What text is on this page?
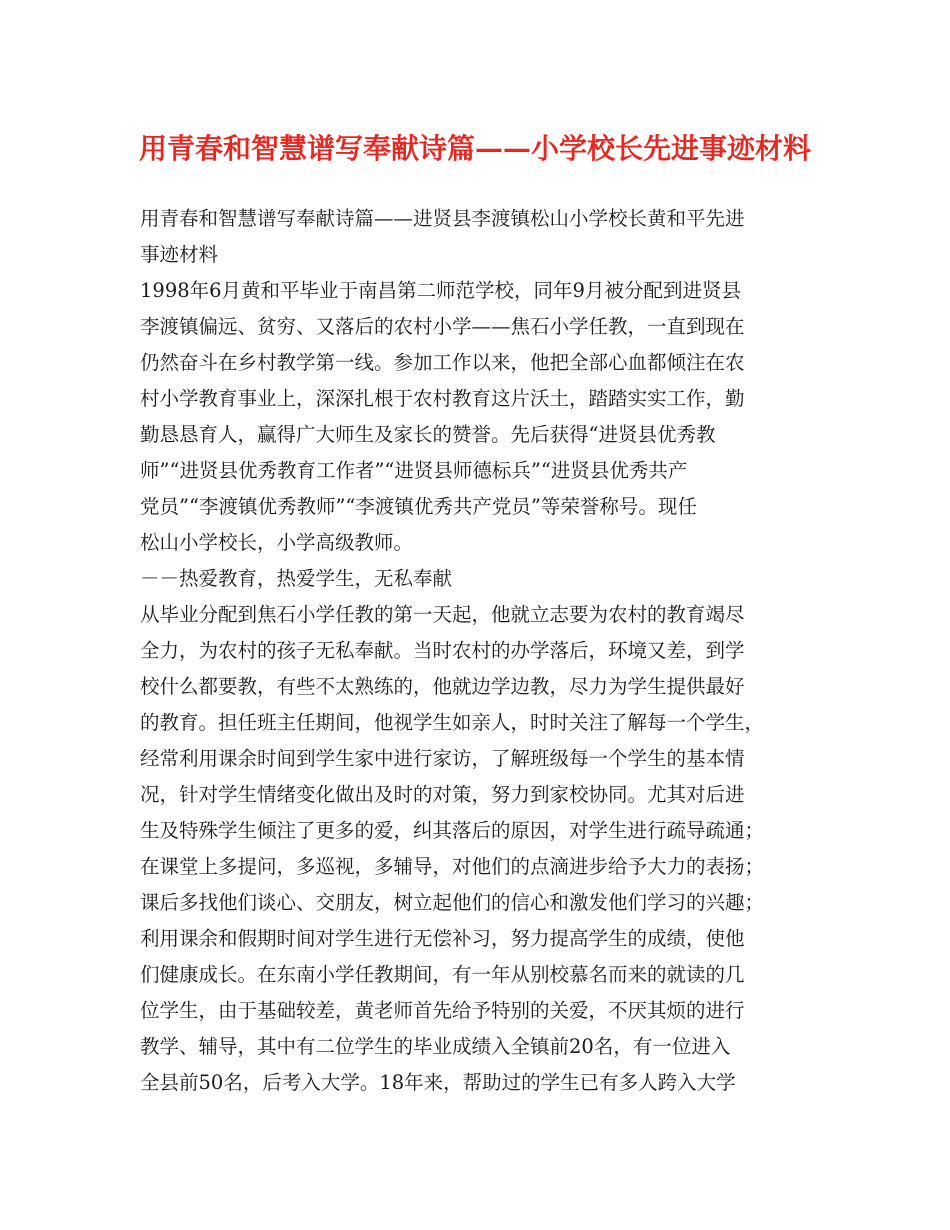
用青春和智慧谱写奉献诗篇——小学校长先进事迹材料
用青春和智慧谱写奉献诗篇——进贤县李渡镇松山小学校长黄和平先进
事迹材料
1998年6月黄和平毕业于南昌第二师范学校，同年9月被分配到进贤县
李渡镇偏远、贫穷、又落后的农村小学——焦石小学任教，一直到现在
仍然奋斗在乡村教学第一线。参加工作以来，他把全部心血都倾注在农
村小学教育事业上，深深扎根于农村教育这片沃土，踏踏实实工作，勤
勤恳恳育人，赢得广大师生及家长的赞誉。先后获得“进贤县优秀教
师”“进贤县优秀教育工作者”“进贤县师德标兵”“进贤县优秀共产
党员”“李渡镇优秀教师”“李渡镇优秀共产党员”等荣誉称号。现任
松山小学校长，小学高级教师。
－－热爱教育，热爱学生，无私奉献
从毕业分配到焦石小学任教的第一天起，他就立志要为农村的教育竭尽
全力，为农村的孩子无私奉献。当时农村的办学落后，环境又差，到学
校什么都要教，有些不太熟练的，他就边学边教，尽力为学生提供最好
的教育。担任班主任期间，他视学生如亲人，时时关注了解每一个学生，
经常利用课余时间到学生家中进行家访，了解班级每一个学生的基本情
况，针对学生情绪变化做出及时的对策，努力到家校协同。尤其对后进
生及特殊学生倾注了更多的爱，纠其落后的原因，对学生进行疏导疏通；
在课堂上多提问，多巡视，多辅导，对他们的点滴进步给予大力的表扬；
课后多找他们谈心、交朋友，树立起他们的信心和激发他们学习的兴趣；
利用课余和假期时间对学生进行无偿补习，努力提高学生的成绩，使他
们健康成长。在东南小学任教期间，有一年从别校慕名而来的就读的几
位学生，由于基础较差，黄老师首先给予特别的关爱，不厌其烦的进行
教学、辅导，其中有二位学生的毕业成绩入全镇前20名，有一位进入
全县前50名，后考入大学。18年来，帮助过的学生已有多人跨入大学
